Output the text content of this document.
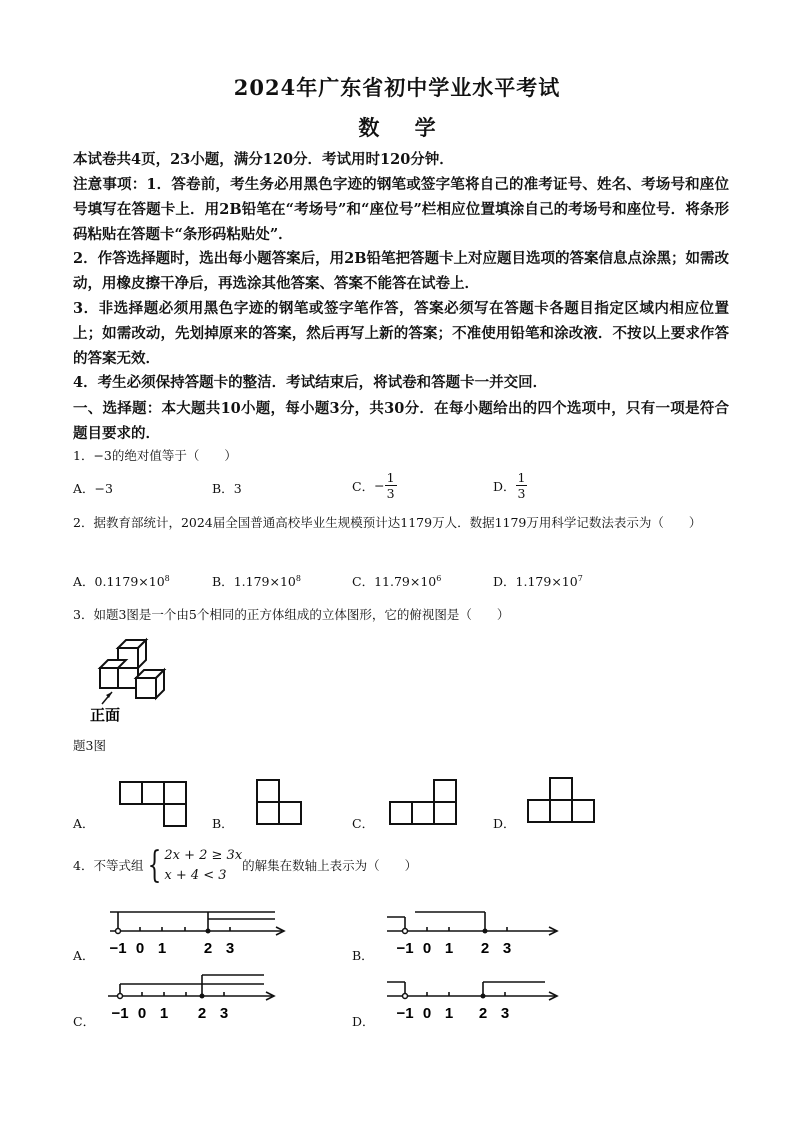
2024年广东省初中学业水平考试
数 学

本试卷共4页，23小题，满分120分．考试用时120分钟．

注意事项：1．答卷前，考生务必用黑色字迹的钢笔或签字笔将自己的准考证号、姓名、考场号和座位号填写在答题卡上．用2B铅笔在“考场号”和“座位号”栏相应位置填涂自己的考场号和座位号．将条形码粘贴在答题卡“条形码粘贴处”．

2．作答选择题时，选出每小题答案后，用2B铅笔把答题卡上对应题目选项的答案信息点涂黑；如需改动，用橡皮擦干净后，再选涂其他答案、答案不能答在试卷上．

3．非选择题必须用黑色字迹的钢笔或签字笔作答，答案必须写在答题卡各题目指定区域内相应位置上；如需改动，先划掉原来的答案，然后再写上新的答案；不准使用铅笔和涂改液．不按以上要求作答的答案无效．

4．考生必须保持答题卡的整洁．考试结束后，将试卷和答题卡一并交回．

一、选择题：本大题共10小题，每小题3分，共30分．在每小题给出的四个选项中，只有一项是符合题目要求的．

1．−3的绝对值等于（　　）

A．−3	B．3	C． − $\frac{1}{3}$	D． $\frac{1}{3}$

2．据教育部统计，2024届全国普通高校毕业生规模预计达1179万人．数据1179万用科学记数法表示为（　　）

A．$0.1179\times 10^8$	B．$1.179\times 10^8$	C．$11.79\times 10^6$	D．$1.179\times 10^7$

3．如题3图是一个由5个相同的正方体组成的立体图形，它的俯视图是（　　）

正面

题3图

A．	B．	C．	D．
4．不等式组 { 2x + 2 ≥ 3x
x + 4 < 3
的解集在数轴上表示为（　　）
A． −1 0 1	2 3	B． −1 0 1 2 3
C． −1 0 1 2 3	D． −1 0 1 2 3
